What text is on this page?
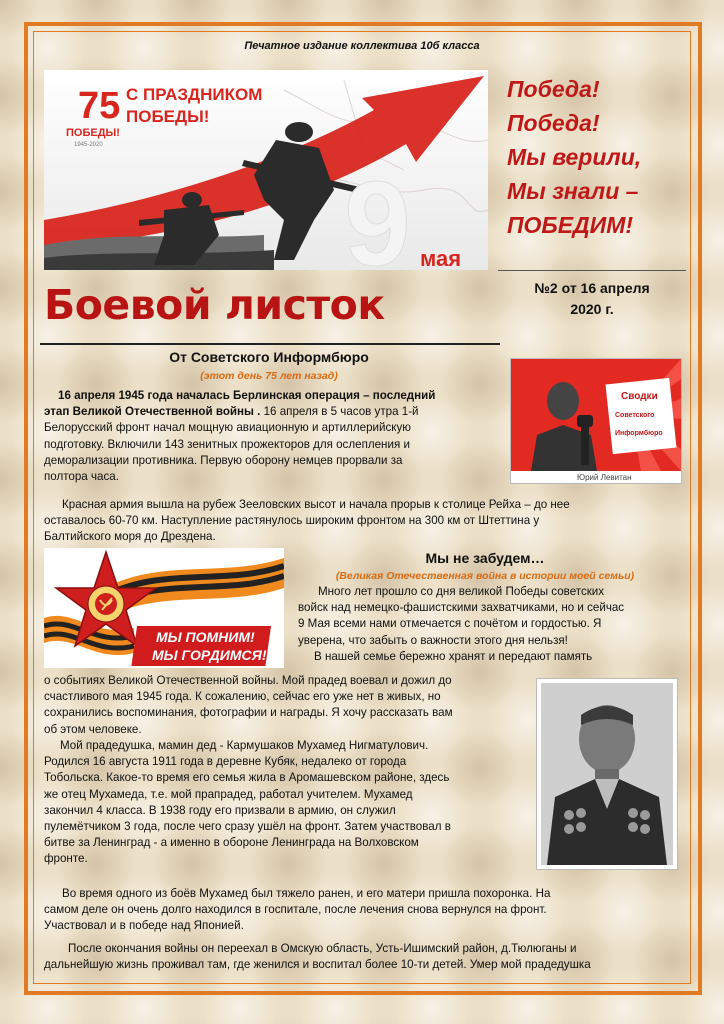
Печатное издание коллектива 10б класса
75
ПОБЕДЫ!
1945-2020
С ПРАЗДНИКОМ
ПОБЕДЫ!
9 мая
Победа!
Победа!
Мы верили,
Мы знали –
ПОБЕДИМ!
№2 от 16 апреля
2020 г.
Боевой листок
От Советского Информбюро
(этот день 75 лет назад)
16 апреля 1945 года началась Берлинская операция – последний
этап Великой Отечественной войны . 16 апреля в 5 часов утра 1-й
Белорусский фронт начал мощную авиационную и артиллерийскую
подготовку. Включили 143 зенитных прожекторов для ослепления и
деморализации противника. Первую оборону немцев прорвали за
полтора часа.
Красная армия вышла на рубеж Зееловских высот и начала прорыв к столице Рейха – до нее
оставалось 60-70 км. Наступление растянулось широким фронтом на 300 км от Штеттина у
Балтийского моря до Дрездена.
Сводки
Советского
Информбюро
Юрий Левитан
МЫ ПОМНИМ!
МЫ ГОРДИМСЯ!
Мы не забудем…
(Великая Отечественная война в истории моей семьи)
Много лет прошло со дня великой Победы советских
войск над немецко-фашистскими захватчиками, но и сейчас
9 Мая всеми нами отмечается с почётом и гордостью. Я
уверена, что забыть о важности этого дня нельзя!
В нашей семье бережно хранят и передают память
о событиях Великой Отечественной войны. Мой прадед воевал и дожил до
счастливого мая 1945 года. К сожалению, сейчас его уже нет в живых, но
сохранились воспоминания, фотографии и награды. Я хочу рассказать вам
об этом человеке.
Мой прадедушка, мамин дед - Кармушаков Мухамед Нигматулович.
Родился 16 августа 1911 года в деревне Кубяк, недалеко от города
Тобольска. Какое-то время его семья жила в Аромашевском районе, здесь
же отец Мухамеда, т.е. мой прапрадед, работал учителем. Мухамед
закончил 4 класса. В 1938 году его призвали в армию, он служил
пулемётчиком 3 года, после чего сразу ушёл на фронт. Затем участвовал в
битве за Ленинград - а именно в обороне Ленинграда на Волховском
фронте.
Во время одного из боёв Мухамед был тяжело ранен, и его матери пришла похоронка. На
самом деле он очень долго находился в госпитале, после лечения снова вернулся на фронт.
Участвовал и в победе над Японией.
После окончания войны он переехал в Омскую область, Усть-Ишимский район, д.Тюлюганы и
дальнейшую жизнь проживал там, где женился и воспитал более 10-ти детей. Умер мой прадедушка
